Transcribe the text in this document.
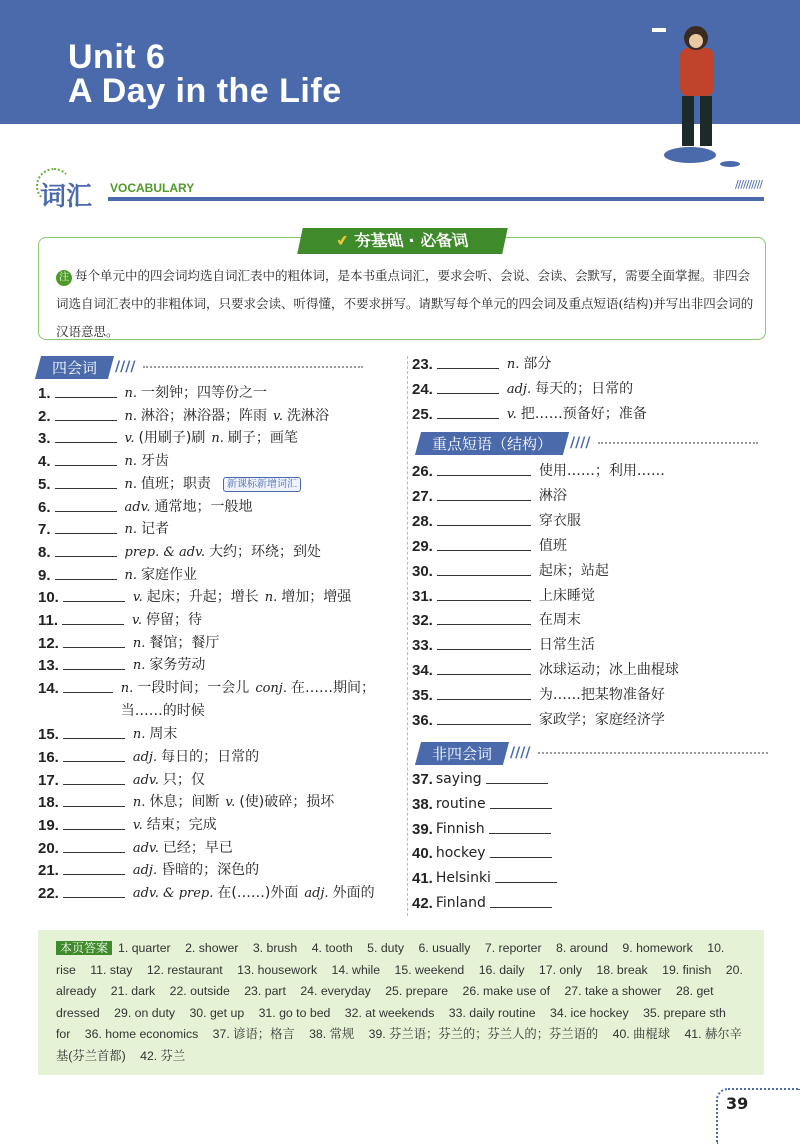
Unit 6
A Day in the Life
词汇 VOCABULARY	//////////
✔ 夯基础 · 必备词
注 每个单元中的四会词均选自词汇表中的粗体词，是本书重点词汇，要求会听、会说、会读、会默写，需要全面掌握。非四会词选自词汇表中的非粗体词，只要求会读、听得懂，不要求拼写。请默写每个单元的四会词及重点短语(结构)并写出非四会词的汉语意思。
四会词	////
重点短语（结构）	////
非四会词	////
1.	n. 一刻钟；四等份之一
2.	n. 淋浴；淋浴器；阵雨 v. 洗淋浴
3.	v. (用刷子)刷 n. 刷子；画笔
4.	n. 牙齿
5.	n. 值班；职责	新课标新增词汇
6.	adv. 通常地；一般地
7.	n. 记者
8.	prep. & adv. 大约；环绕；到处
9.	n. 家庭作业
10.	v. 起床；升起；增长 n. 增加；增强
11.	v. 停留；待
12.	n. 餐馆；餐厅
13.	n. 家务劳动
14.	n. 一段时间；一会儿 conj. 在……期间；当……的时候
15.	n. 周末
16.	adj. 每日的；日常的
17.	adv. 只；仅
18.	n. 休息；间断 v. (使)破碎；损坏
19.	v. 结束；完成
20.	adv. 已经；早已
21.	adj. 昏暗的；深色的
22.	adv. & prep. 在(……)外面 adj. 外面的
23.	n. 部分
24.	adj. 每天的；日常的
25.	v. 把……预备好；准备
26.	使用……；利用……
27.	淋浴
28.	穿衣服
29.	值班
30.	起床；站起
31.	上床睡觉
32.	在周末
33.	日常生活
34.	冰球运动；冰上曲棍球
35.	为……把某物准备好
36.	家政学；家庭经济学
37. saying
38. routine
39. Finnish
40. hockey
41. Helsinki
42. Finland
本页答案 1. quarter 2. shower 3. brush 4. tooth 5. duty 6. usually 7. reporter 8. around 9. homework 10. rise 11. stay 12. restaurant 13. housework 14. while 15. weekend 16. daily 17. only 18. break 19. finish 20. already 21. dark 22. outside 23. part 24. everyday 25. prepare 26. make use of 27. take a shower 28. get dressed 29. on duty 30. get up 31. go to bed 32. at weekends 33. daily routine 34. ice hockey 35. prepare sth for 36. home economics 37. 谚语；格言 38. 常规 39. 芬兰语；芬兰的；芬兰人的；芬兰语的 40. 曲棍球 41. 赫尔辛基(芬兰首都) 42. 芬兰
39
